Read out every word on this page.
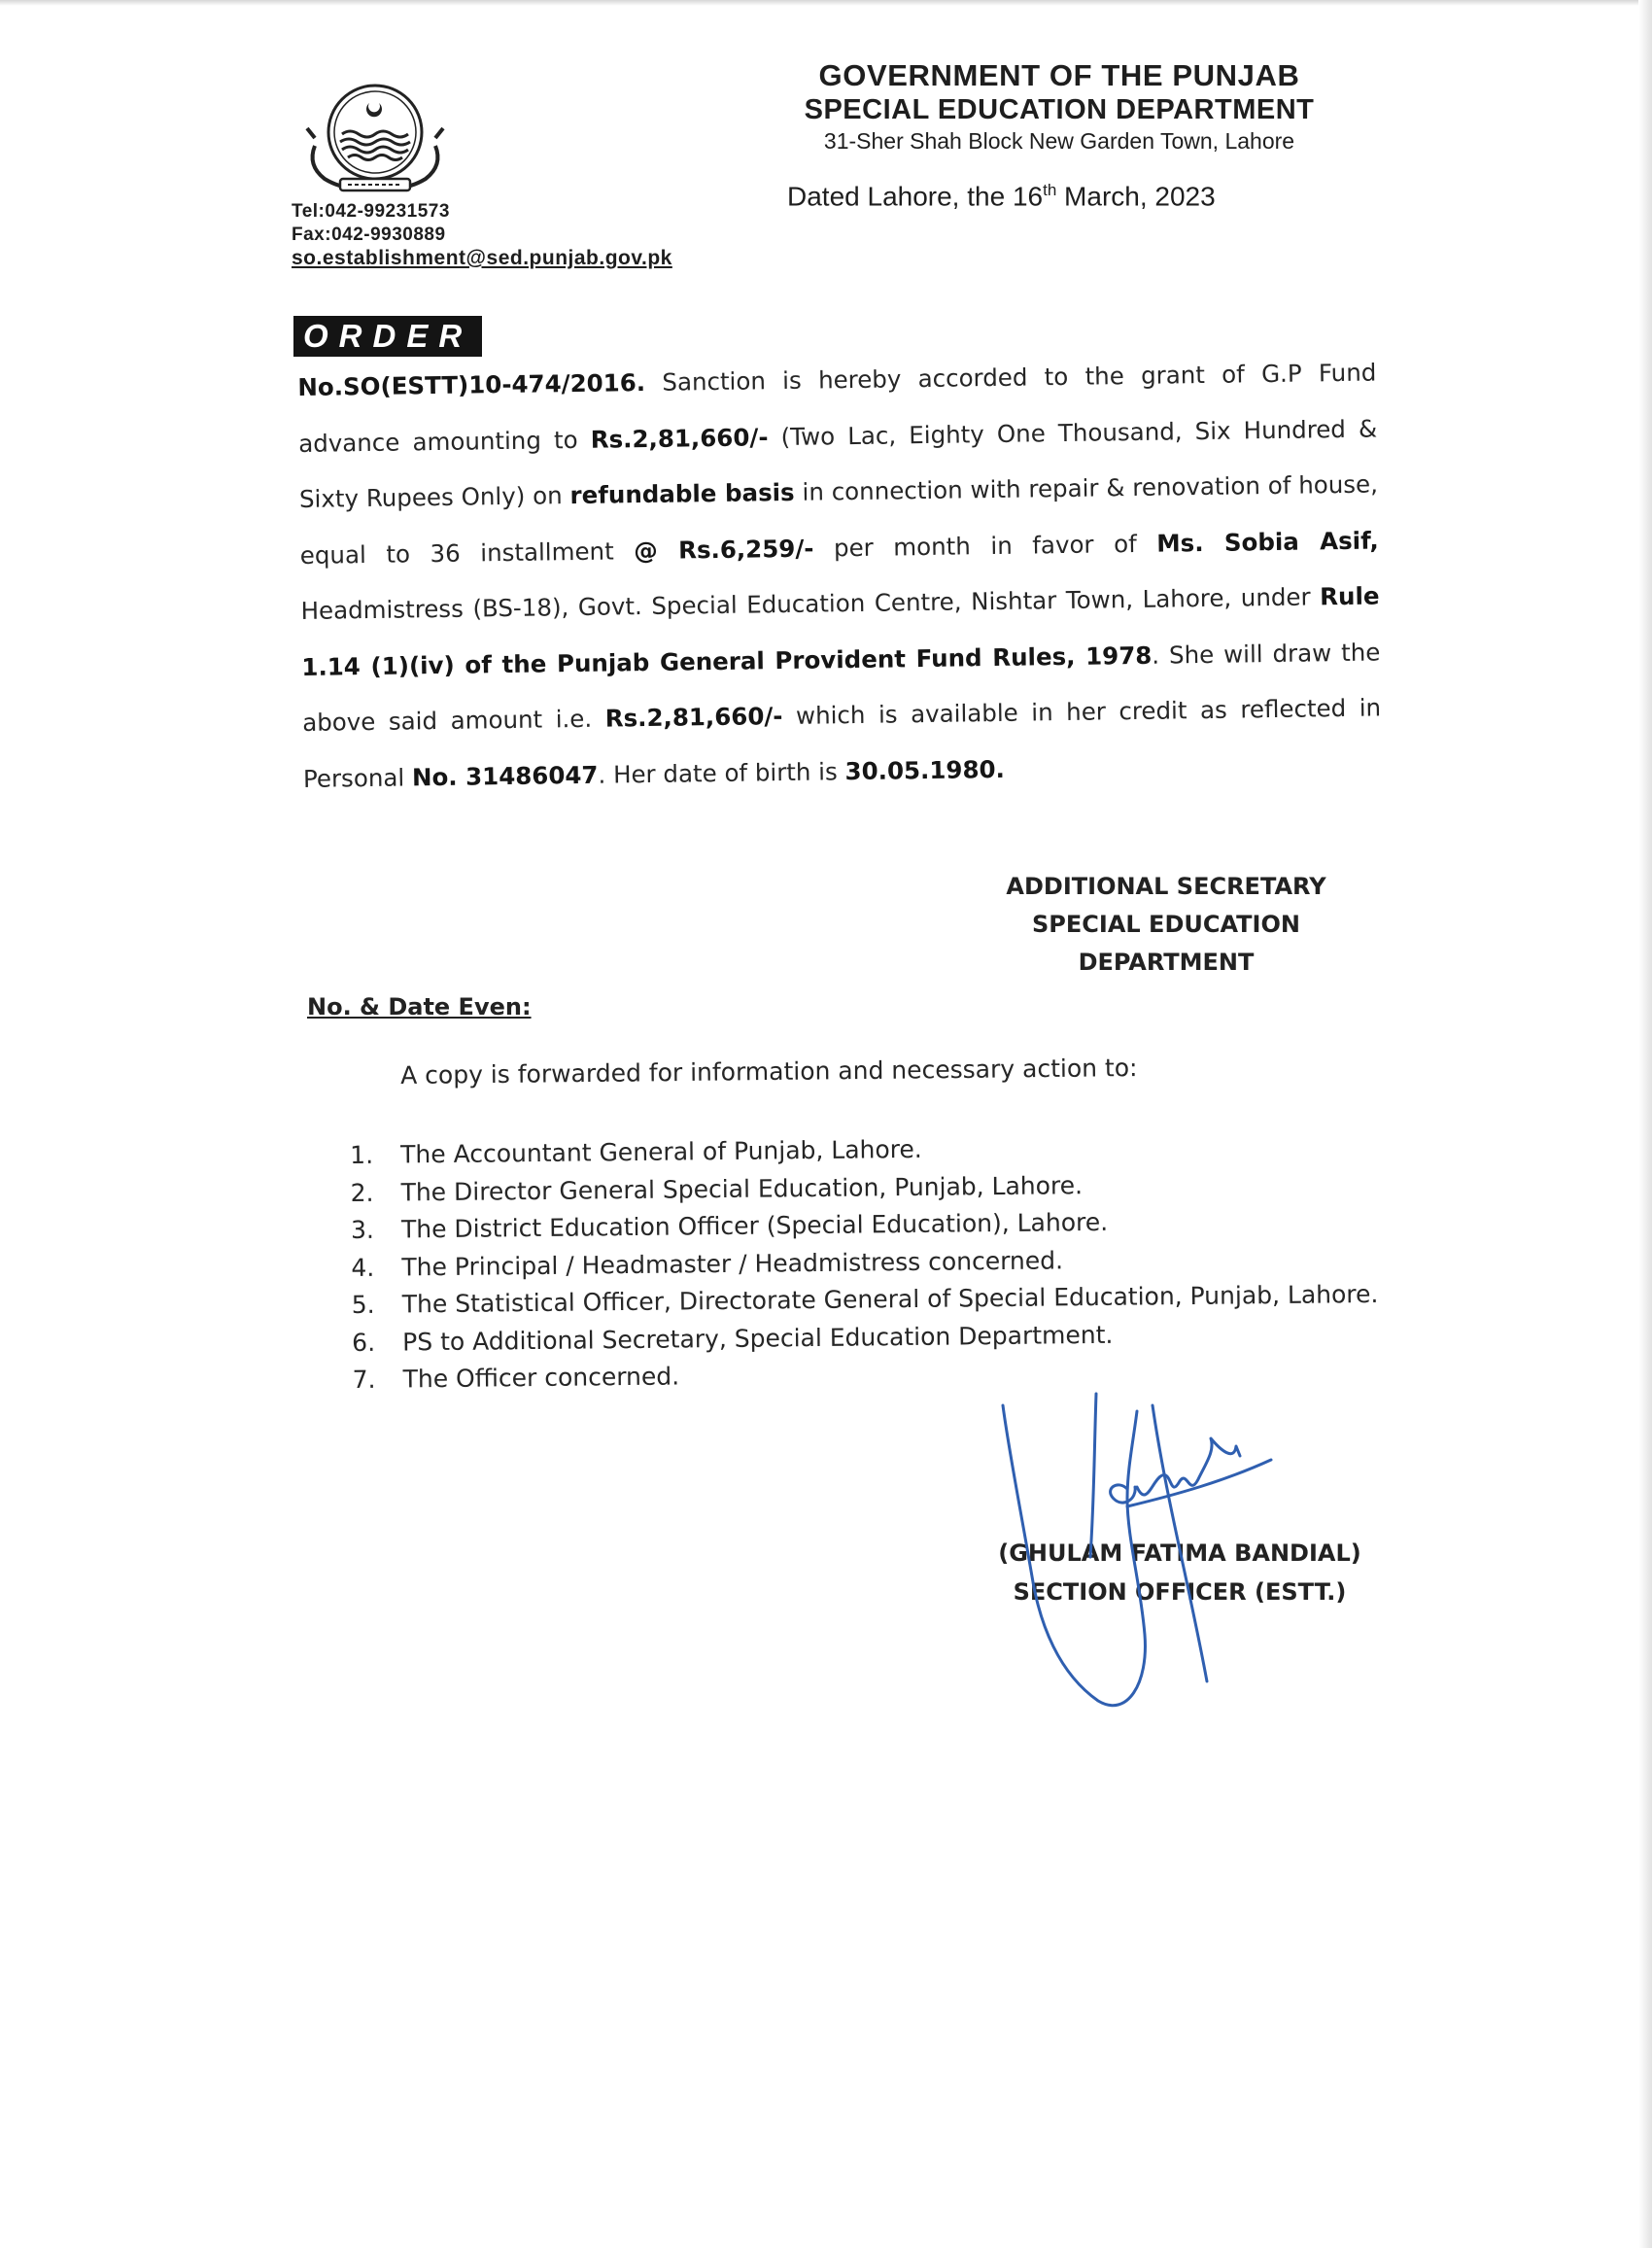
Tel:042-99231573
Fax:042-9930889
so.establishment@sed.punjab.gov.pk
GOVERNMENT OF THE PUNJAB
SPECIAL EDUCATION DEPARTMENT
31-Sher Shah Block New Garden Town, Lahore
Dated Lahore, the 16th March, 2023
ORDER
No.SO(ESTT)10-474/2016. Sanction is hereby accorded to the grant of G.P Fund advance amounting to Rs.2,81,660/- (Two Lac, Eighty One Thousand, Six Hundred & Sixty Rupees Only) on refundable basis in connection with repair & renovation of house, equal to 36 installment @ Rs.6,259/- per month in favor of Ms. Sobia Asif, Headmistress (BS-18), Govt. Special Education Centre, Nishtar Town, Lahore, under Rule 1.14 (1)(iv) of the Punjab General Provident Fund Rules, 1978. She will draw the above said amount i.e. Rs.2,81,660/- which is available in her credit as reflected in Personal No. 31486047. Her date of birth is 30.05.1980.
ADDITIONAL SECRETARY
SPECIAL EDUCATION
DEPARTMENT
No. & Date Even:
A copy is forwarded for information and necessary action to:
1.	The Accountant General of Punjab, Lahore.
2.	The Director General Special Education, Punjab, Lahore.
3.	The District Education Officer (Special Education), Lahore.
4.	The Principal / Headmaster / Headmistress concerned.
5.	The Statistical Officer, Directorate General of Special Education, Punjab, Lahore.
6.	PS to Additional Secretary, Special Education Department.
7.	The Officer concerned.
(GHULAM FATIMA BANDIAL)
SECTION OFFICER (ESTT.)
